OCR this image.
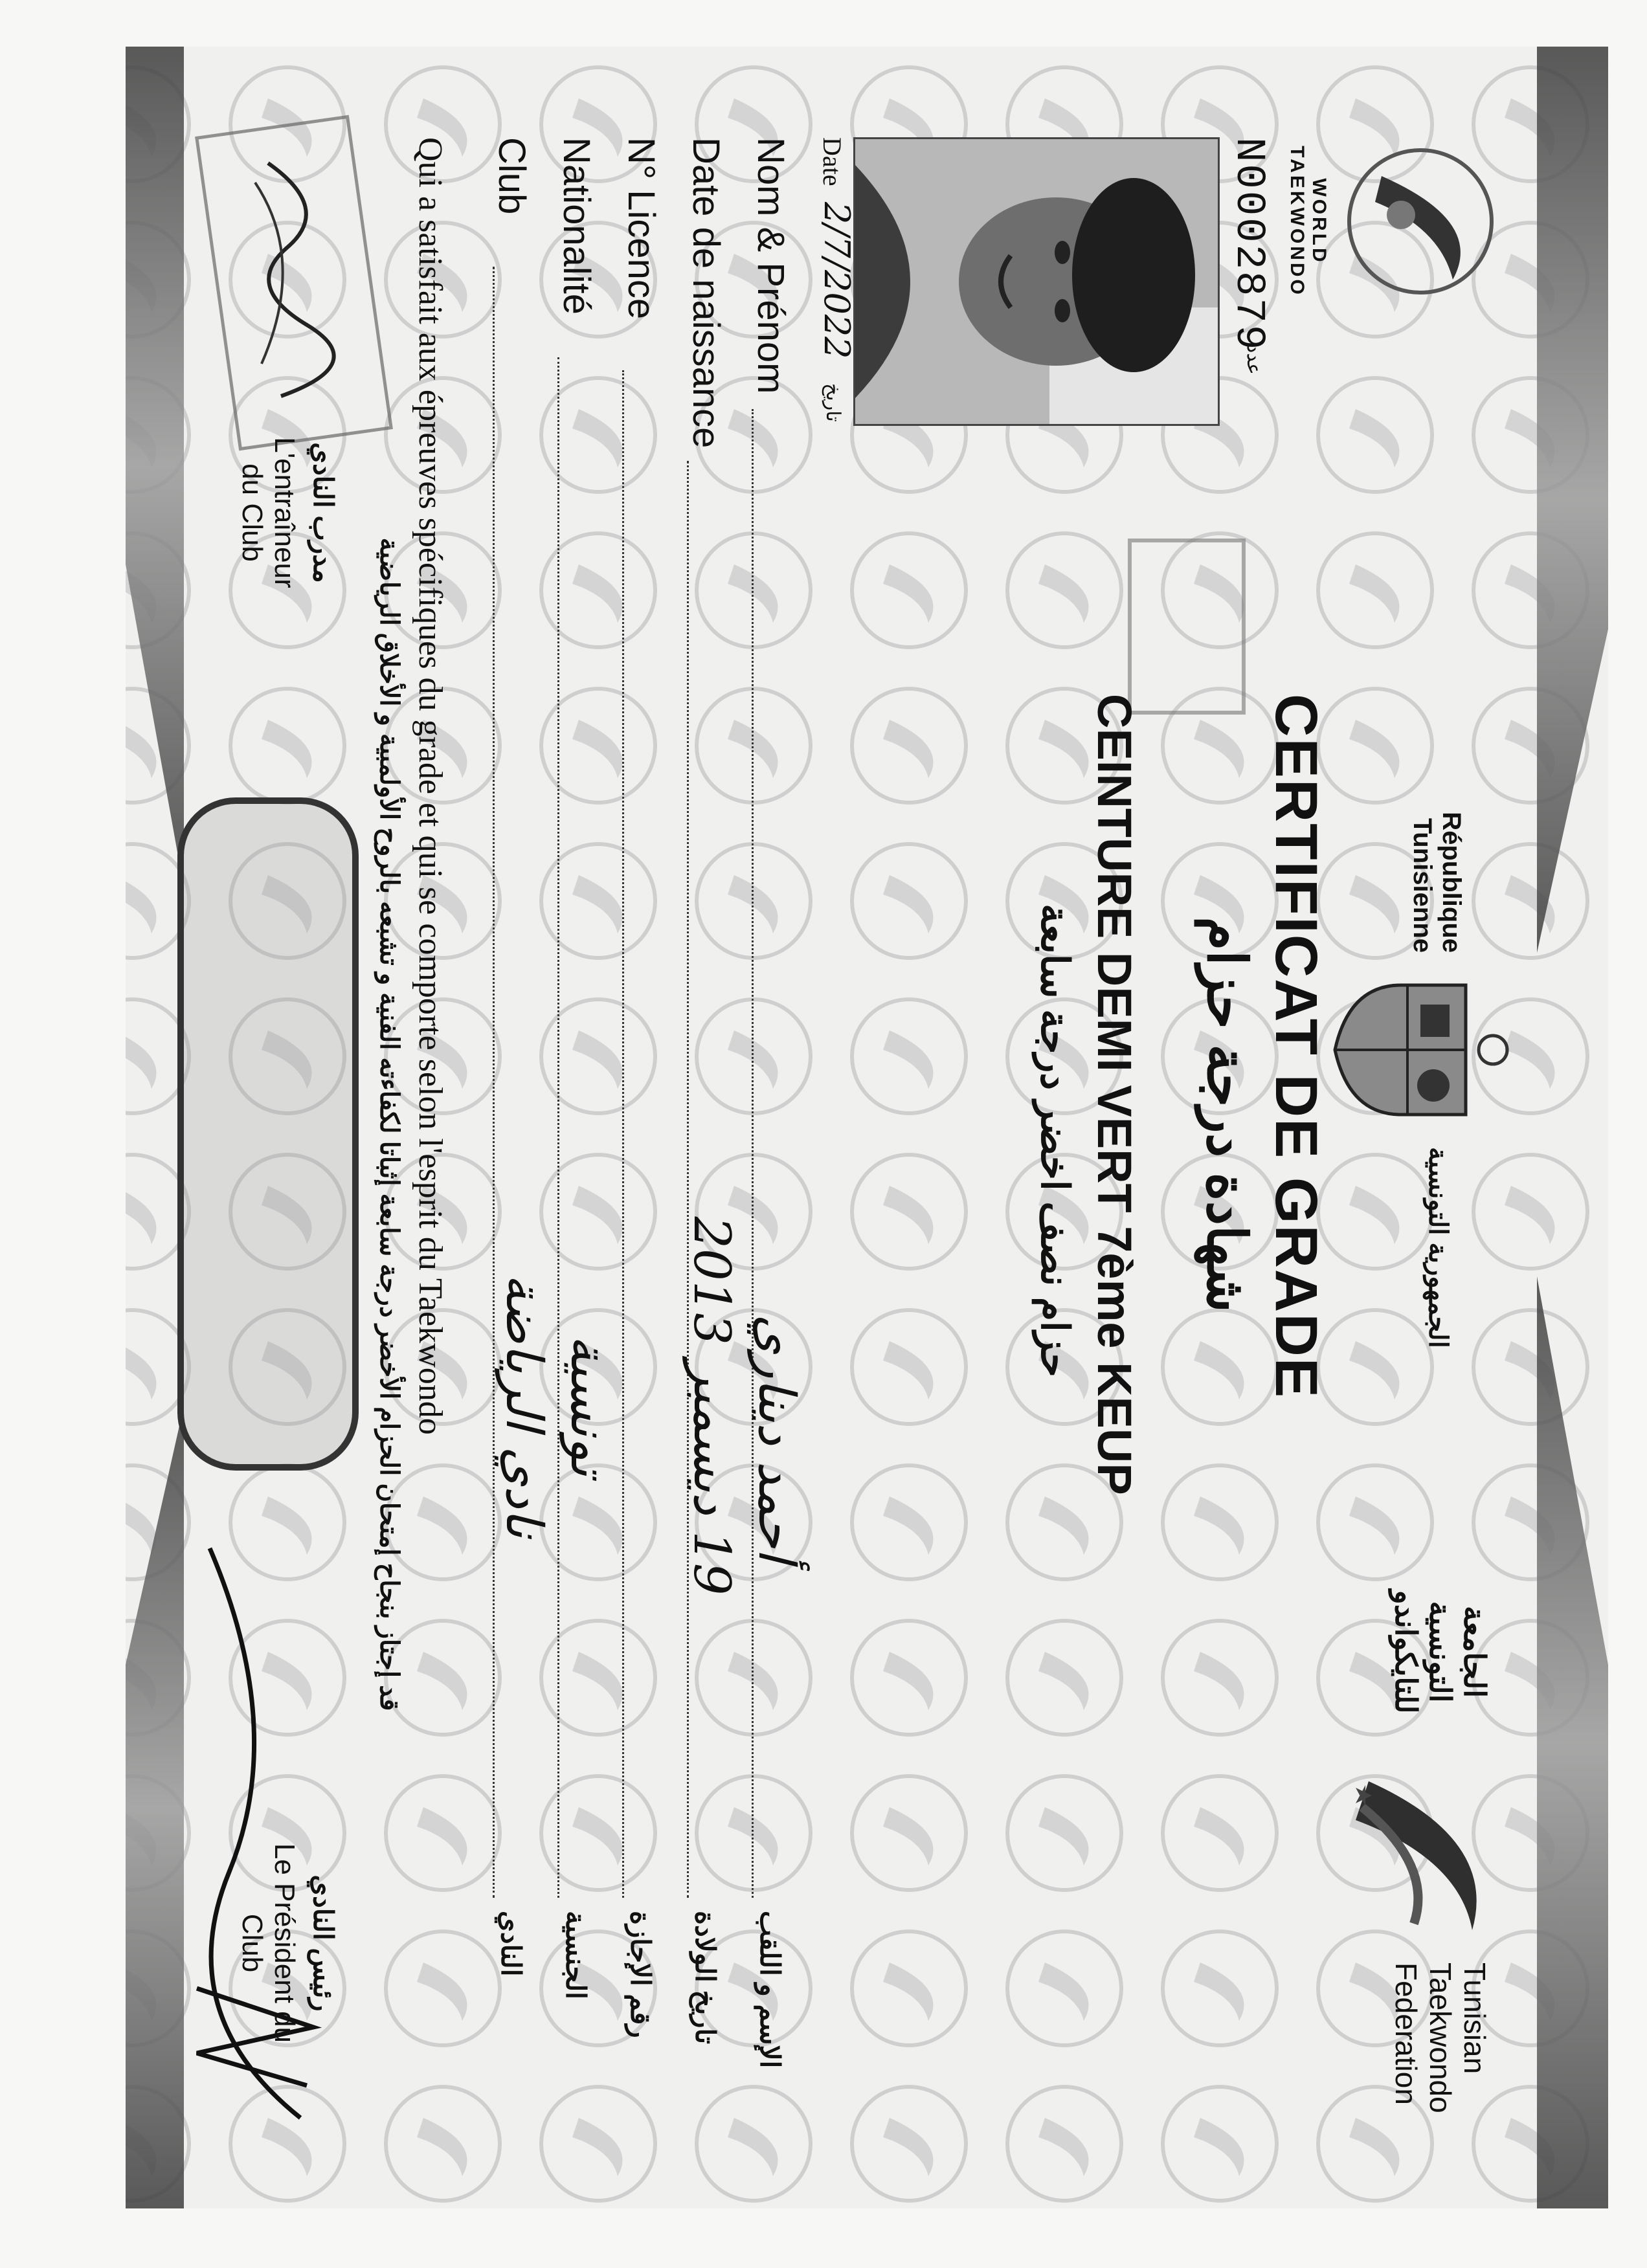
WORLD TAEKWONDO
N0002879
عدد
Date
2/7/2022
تاريخ
République
Tunisienne
الجمهورية التونسية
الجامعة
التونسية
للتايكواندو
Tunisian
Taekwondo
Federation
CERTIFICAT DE GRADE
شهادة درجة حزام
CEINTURE DEMI VERT 7ème KEUP
حزام نصف اخضر درجة سابعة
Nom & Prénom
أحمد ديناري
الإسم و اللقب
Date de naissance
19 ديسمبر 2013
تاريخ الولادة
N° Licence
رقم الإجازة
Nationalité
تونسية
الجنسية
Club
نادي الرياضة
النادي
Qui a satisfait aux épreuves spécifiques du grade et qui se comporte selon l'esprit du Taekwondo
قد إجتاز بنجاح إمتحان الحزام الأخضر درجة سابعة إثباتا لكفاءته الفنية و تشبعه بالروح الأولمبية و الأخلاق الرياضية
مدرب النادي
L'entraîneur
du Club
رئيس النادي
Le Président du
Club
